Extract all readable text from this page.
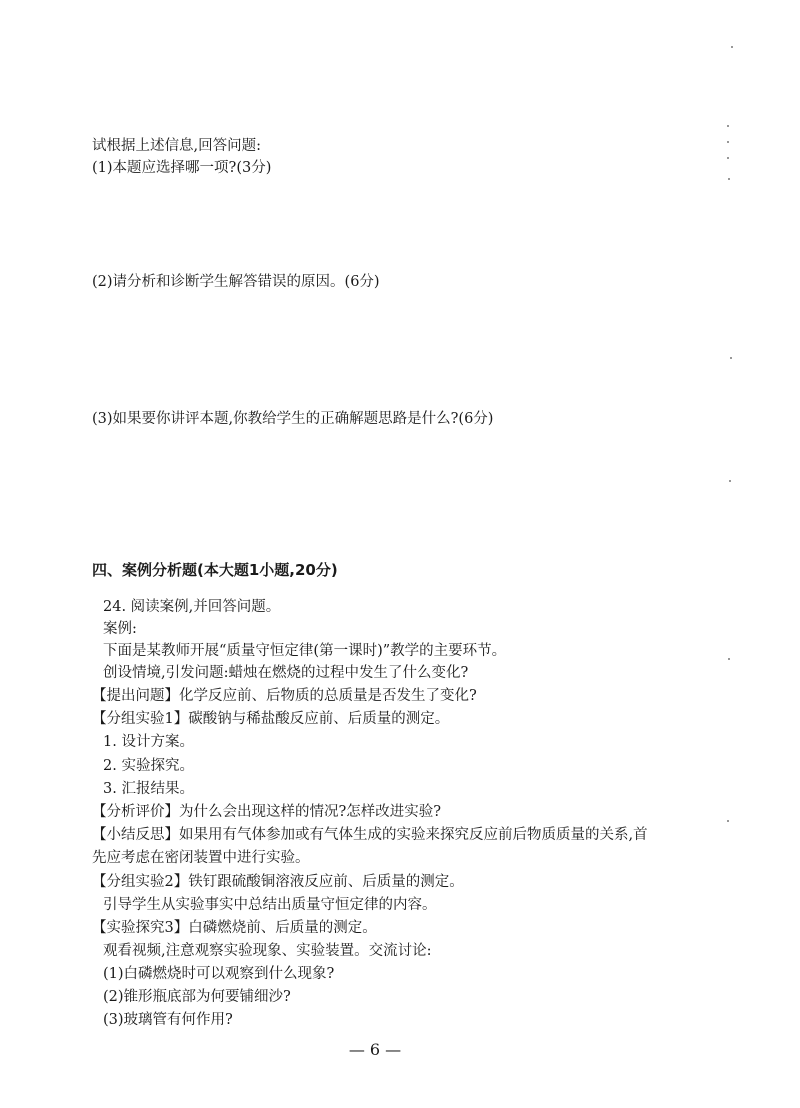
试根据上述信息,回答问题:
(1)本题应选择哪一项?(3分)
(2)请分析和诊断学生解答错误的原因。(6分)
(3)如果要你讲评本题,你教给学生的正确解题思路是什么?(6分)
四、案例分析题(本大题1小题,20分)
24. 阅读案例,并回答问题。
案例:
下面是某教师开展“质量守恒定律(第一课时)”教学的主要环节。
创设情境,引发问题:蜡烛在燃烧的过程中发生了什么变化?
【提出问题】化学反应前、后物质的总质量是否发生了变化?
【分组实验1】碳酸钠与稀盐酸反应前、后质量的测定。
1. 设计方案。
2. 实验探究。
3. 汇报结果。
【分析评价】为什么会出现这样的情况?怎样改进实验?
【小结反思】如果用有气体参加或有气体生成的实验来探究反应前后物质质量的关系,首
先应考虑在密闭装置中进行实验。
【分组实验2】铁钉跟硫酸铜溶液反应前、后质量的测定。
引导学生从实验事实中总结出质量守恒定律的内容。
【实验探究3】白磷燃烧前、后质量的测定。
观看视频,注意观察实验现象、实验装置。交流讨论:
(1)白磷燃烧时可以观察到什么现象?
(2)锥形瓶底部为何要铺细沙?
(3)玻璃管有何作用?
— 6 —
